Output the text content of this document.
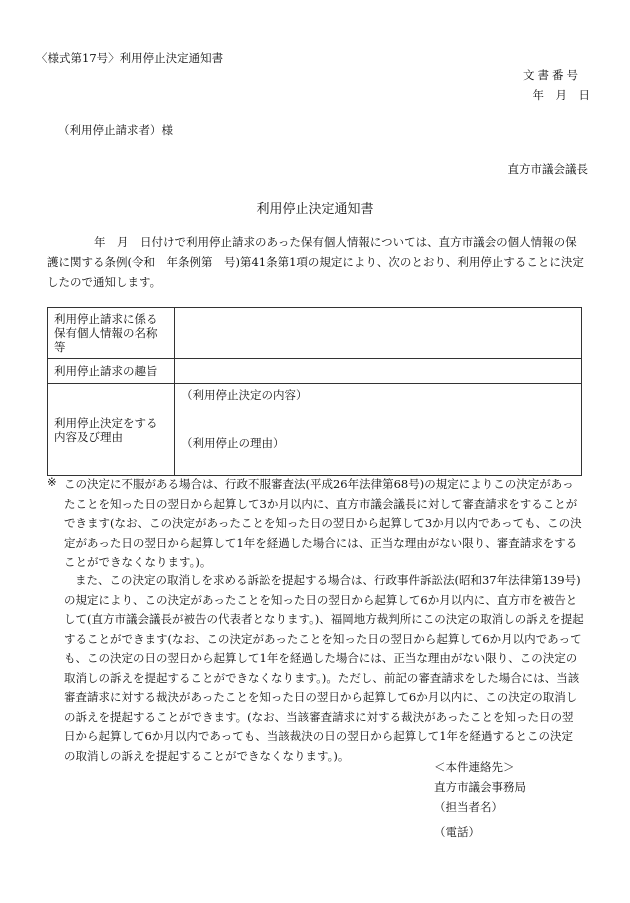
〈様式第17号〉利用停止決定通知書
文書番号
年　月　日
（利用停止請求者）様
直方市議会議長
利用停止決定通知書
年　月　日付けで利用停止請求のあった保有個人情報については、直方市議会の個人情報の保護に関する条例(令和　年条例第　号)第41条第1項の規定により、次のとおり、利用停止することに決定したので通知します。
利用停止請求に係る保有個人情報の名称等	
利用停止請求の趣旨	
利用停止決定をする内容及び理由	（利用停止決定の内容）
（利用停止の理由）
※ この決定に不服がある場合は、行政不服審査法(平成26年法律第68号)の規定によりこの決定があったことを知った日の翌日から起算して3か月以内に、直方市議会議長に対して審査請求をすることができます(なお、この決定があったことを知った日の翌日から起算して3か月以内であっても、この決定があった日の翌日から起算して1年を経過した場合には、正当な理由がない限り、審査請求をすることができなくなります。)。
また、この決定の取消しを求める訴訟を提起する場合は、行政事件訴訟法(昭和37年法律第139号)の規定により、この決定があったことを知った日の翌日から起算して6か月以内に、直方市を被告として(直方市議会議長が被告の代表者となります。)、福岡地方裁判所にこの決定の取消しの訴えを提起することができます(なお、この決定があったことを知った日の翌日から起算して6か月以内であっても、この決定の日の翌日から起算して1年を経過した場合には、正当な理由がない限り、この決定の取消しの訴えを提起することができなくなります。)。ただし、前記の審査請求をした場合には、当該審査請求に対する裁決があったことを知った日の翌日から起算して6か月以内に、この決定の取消しの訴えを提起することができます。(なお、当該審査請求に対する裁決があったことを知った日の翌日から起算して6か月以内であっても、当該裁決の日の翌日から起算して1年を経過するとこの決定の取消しの訴えを提起することができなくなります。)。
＜本件連絡先＞
直方市議会事務局
（担当者名）
（電話）
